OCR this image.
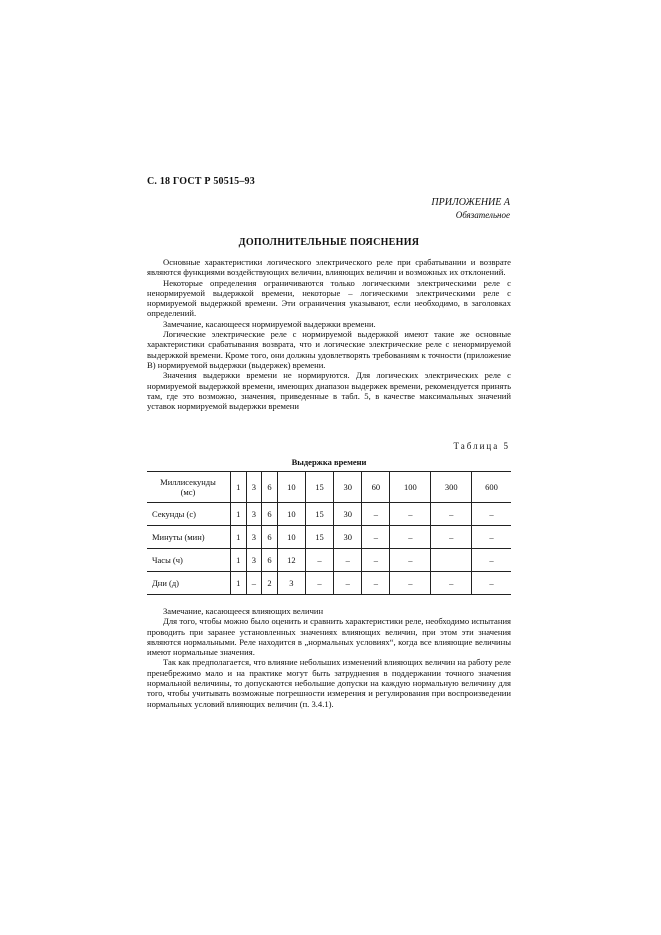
С. 18 ГОСТ Р 50515–93
ПРИЛОЖЕНИЕ А
Обязательное
ДОПОЛНИТЕЛЬНЫЕ ПОЯСНЕНИЯ

Основные характеристики логического электрического реле при срабатывании и возврате являются функциями воздействующих величин, влияющих величин и возможных их отклонений.

Некоторые определения ограничиваются только логическими электрическими реле с ненормируемой выдержкой времени, некоторые – логическими электрическими реле с нормируемой выдержкой времени. Эти ограничения указывают, если необходимо, в заголовках определений.

Замечание, касающееся нормируемой выдержки времени.

Логические электрические реле с нормируемой выдержкой имеют такие же основные характеристики срабатывания возврата, что и логические электрические реле с ненормируемой выдержкой времени. Кроме того, они должны удовлетворять требованиям к точности (приложение В) нормируемой выдержки (выдержек) времени.

Значения выдержки времени не нормируются. Для логических электрических реле с нормируемой выдержкой времени, имеющих диапазон выдержек времени, рекомендуется принять там, где это возможно, значения, приведенные в табл. 5, в качестве максимальных значений уставок нормируемой выдержки времени

Таблица 5
Выдержка времени
Миллисекунды (мс)	1	3	6	10	15	30	60	100	300	600
Секунды (с)	1	3	6	10	15	30	–	–	–	–
Минуты (мин)	1	3	6	10	15	30	–	–	–	–
Часы (ч)	1	3	6	12	–	–	–	–		–
Дни (д)	1	–	2	3	–	–	–	–	–	–

Замечание, касающееся влияющих величин

Для того, чтобы можно было оценить и сравнить характеристики реле, необходимо испытания проводить при заранее установленных значениях влияющих величин, при этом эти значения являются нормальными. Реле находится в „нормальных условиях“, когда все влияющие величины имеют нормальные значения.

Так как предполагается, что влияние небольших изменений влияющих величин на работу реле пренебрежимо мало и на практике могут быть затруднения в поддержании точного значения нормальной величины, то допускаются небольшие допуски на каждую нормальную величину для того, чтобы учитывать возможные погрешности измерения и регулирования при воспроизведении нормальных условий влияющих величин (п. 3.4.1).
